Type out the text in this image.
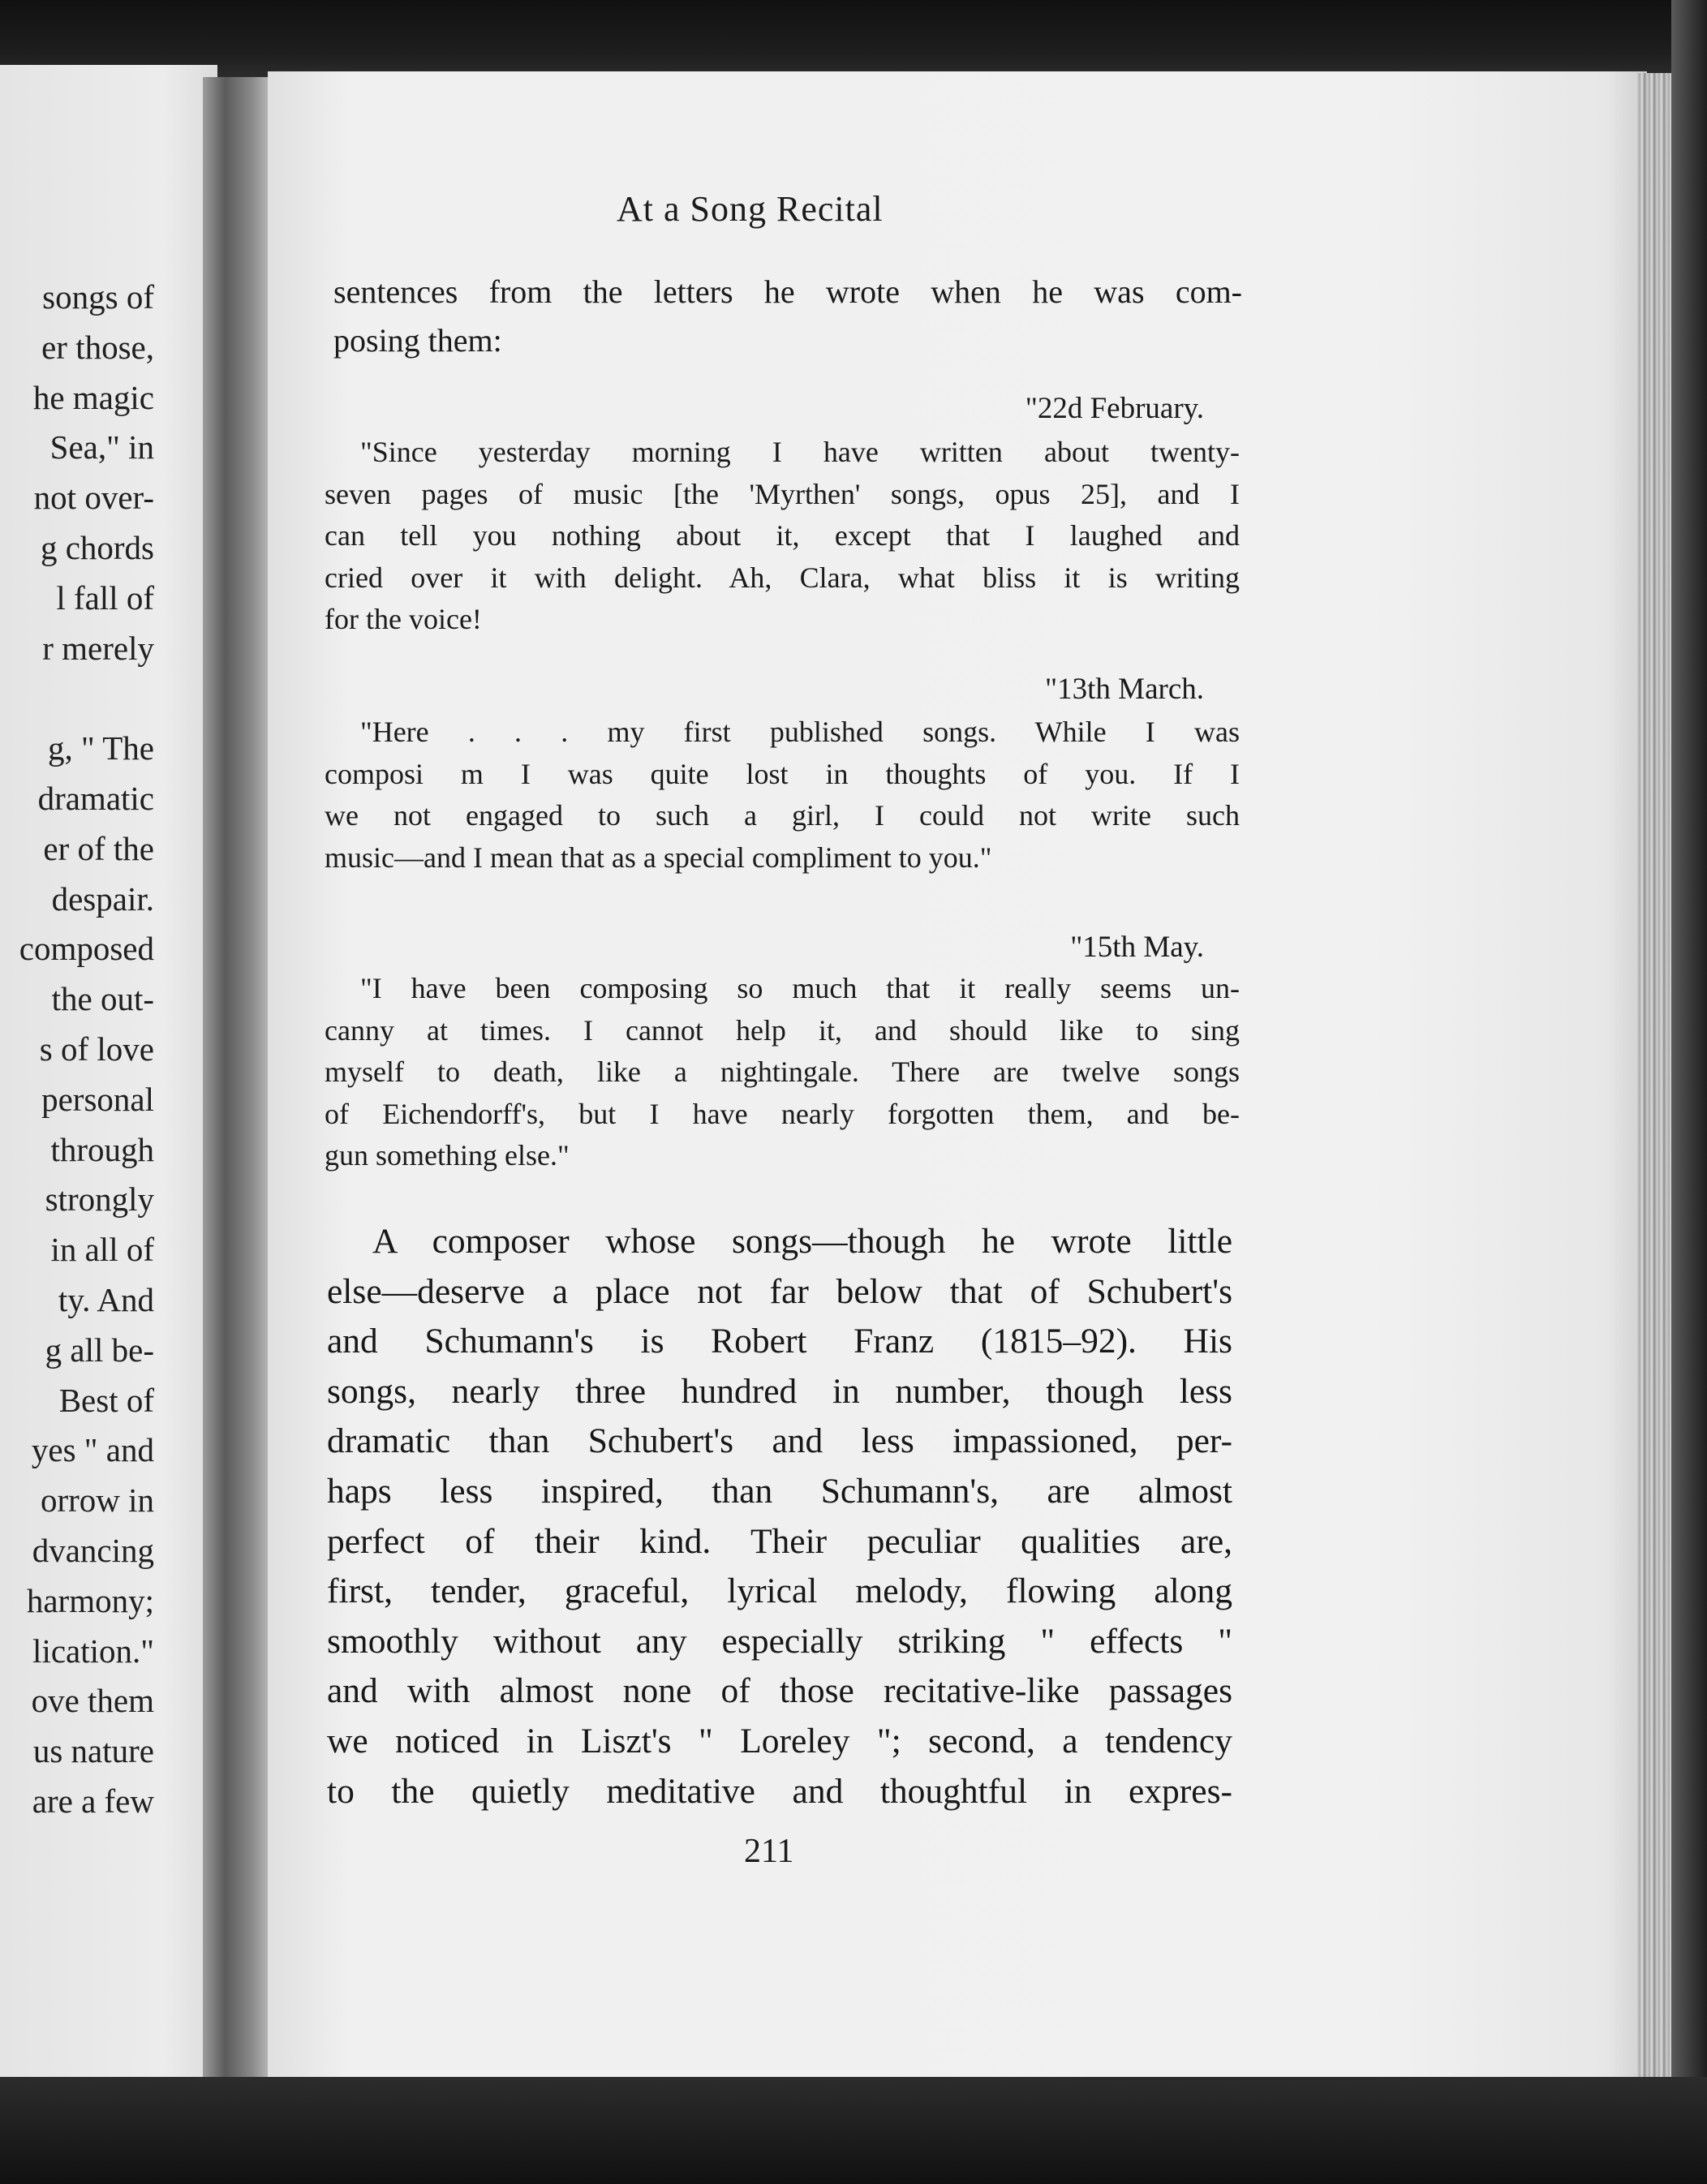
songs of
er those,
he magic
Sea," in
not over-
g chords
l fall of
r merely
g, " The
dramatic
er of the
despair.
composed
the out-
s of love
personal
through
strongly
in all of
ty. And
g all be-
Best of
yes " and
orrow in
dvancing
harmony;
lication."
ove them
us nature
are a few
At a Song Recital
sentences from the letters he wrote when he was com-
posing them:
"22d February.
"Since yesterday morning I have written about twenty-
seven pages of music [the 'Myrthen' songs, opus 25], and I
can tell you nothing about it, except that I laughed and
cried over it with delight. Ah, Clara, what bliss it is writing
for the voice!
"13th March.
"Here . . . my first published songs. While I was
composi m I was quite lost in thoughts of you. If I
we not engaged to such a girl, I could not write such
music—and I mean that as a special compliment to you."
"15th May.
"I have been composing so much that it really seems un-
canny at times. I cannot help it, and should like to sing
myself to death, like a nightingale. There are twelve songs
of Eichendorff's, but I have nearly forgotten them, and be-
gun something else."
A composer whose songs—though he wrote little
else—deserve a place not far below that of Schubert's
and Schumann's is Robert Franz (1815–92). His
songs, nearly three hundred in number, though less
dramatic than Schubert's and less impassioned, per-
haps less inspired, than Schumann's, are almost
perfect of their kind. Their peculiar qualities are,
first, tender, graceful, lyrical melody, flowing along
smoothly without any especially striking " effects "
and with almost none of those recitative-like passages
we noticed in Liszt's " Loreley "; second, a tendency
to the quietly meditative and thoughtful in expres-
211
